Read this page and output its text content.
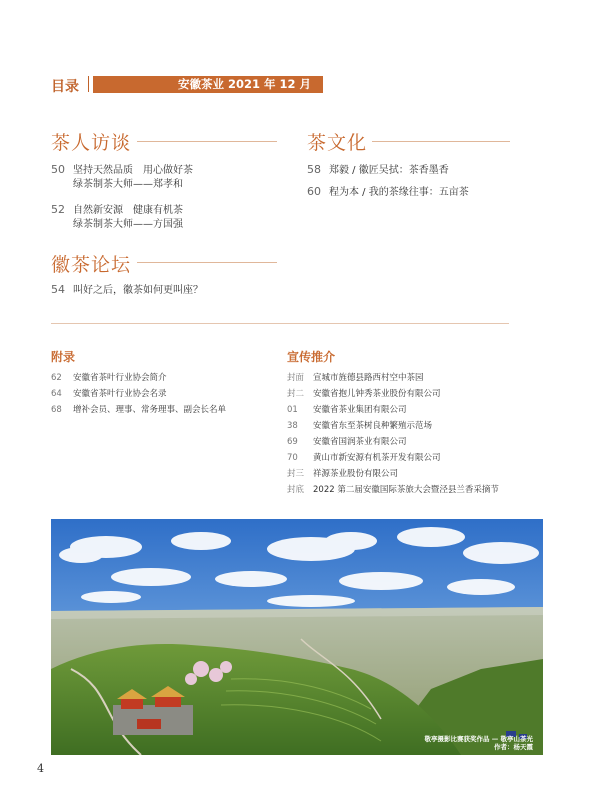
目录	安徽茶业 2021 年 12 月
茶人访谈
50 坚持天然品质　用心做好茶
绿茶制茶大师——郑孝和
52 自然新安源　健康有机茶
绿茶制茶大师——方国强
徽茶论坛
54 叫好之后，徽茶如何更叫座？
茶文化
58 郑毅 / 徽匠吴拭：茶香墨香
60 程为本 / 我的茶缘往事：五亩茶
附录
62 安徽省茶叶行业协会简介
64 安徽省茶叶行业协会名录
68 增补会员、理事、常务理事、副会长名单
宣传推介
封面 宣城市旌德县路西村空中茶园
封二 安徽省抱儿钟秀茶业股份有限公司
01 安徽省茶业集团有限公司
38 安徽省东至茶树良种繁殖示范场
69 安徽省国润茶业有限公司
70 黄山市新安源有机茶开发有限公司
封三 祥源茶业股份有限公司
封底 2022 第二届安徽国际茶旅大会暨泾县兰香采摘节
敬亭摄影比赛获奖作品 — 敬亭山茶光
作者：杨天霞
4
